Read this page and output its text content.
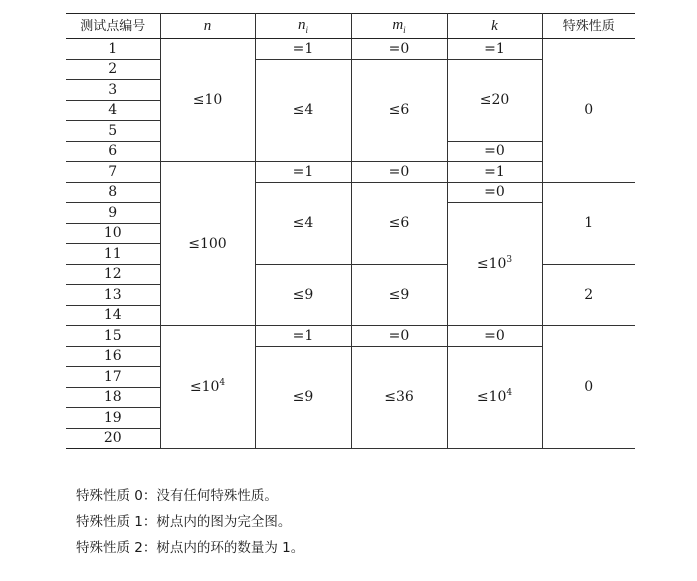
测试点编号	n	$n_i$	$m_i$	k	特殊性质
1	≤10	=1	=0	=1	0
2		≤4	≤6	≤20	
3					
4					
5					
6				=0	
7	≤100	=1	=0	=1	
8		≤4	≤6	=0	1
9				$\le 10^3$
10					
11					
12		≤9	≤9		2
13					
14					
15	$\le 10^4$	=1	=0	=0	0
16		≤9	≤36	$\le 10^4$
17					
18					
19					
20					
特殊性质 0：没有任何特殊性质。
特殊性质 1：树点内的图为完全图。
特殊性质 2：树点内的环的数量为 1。
